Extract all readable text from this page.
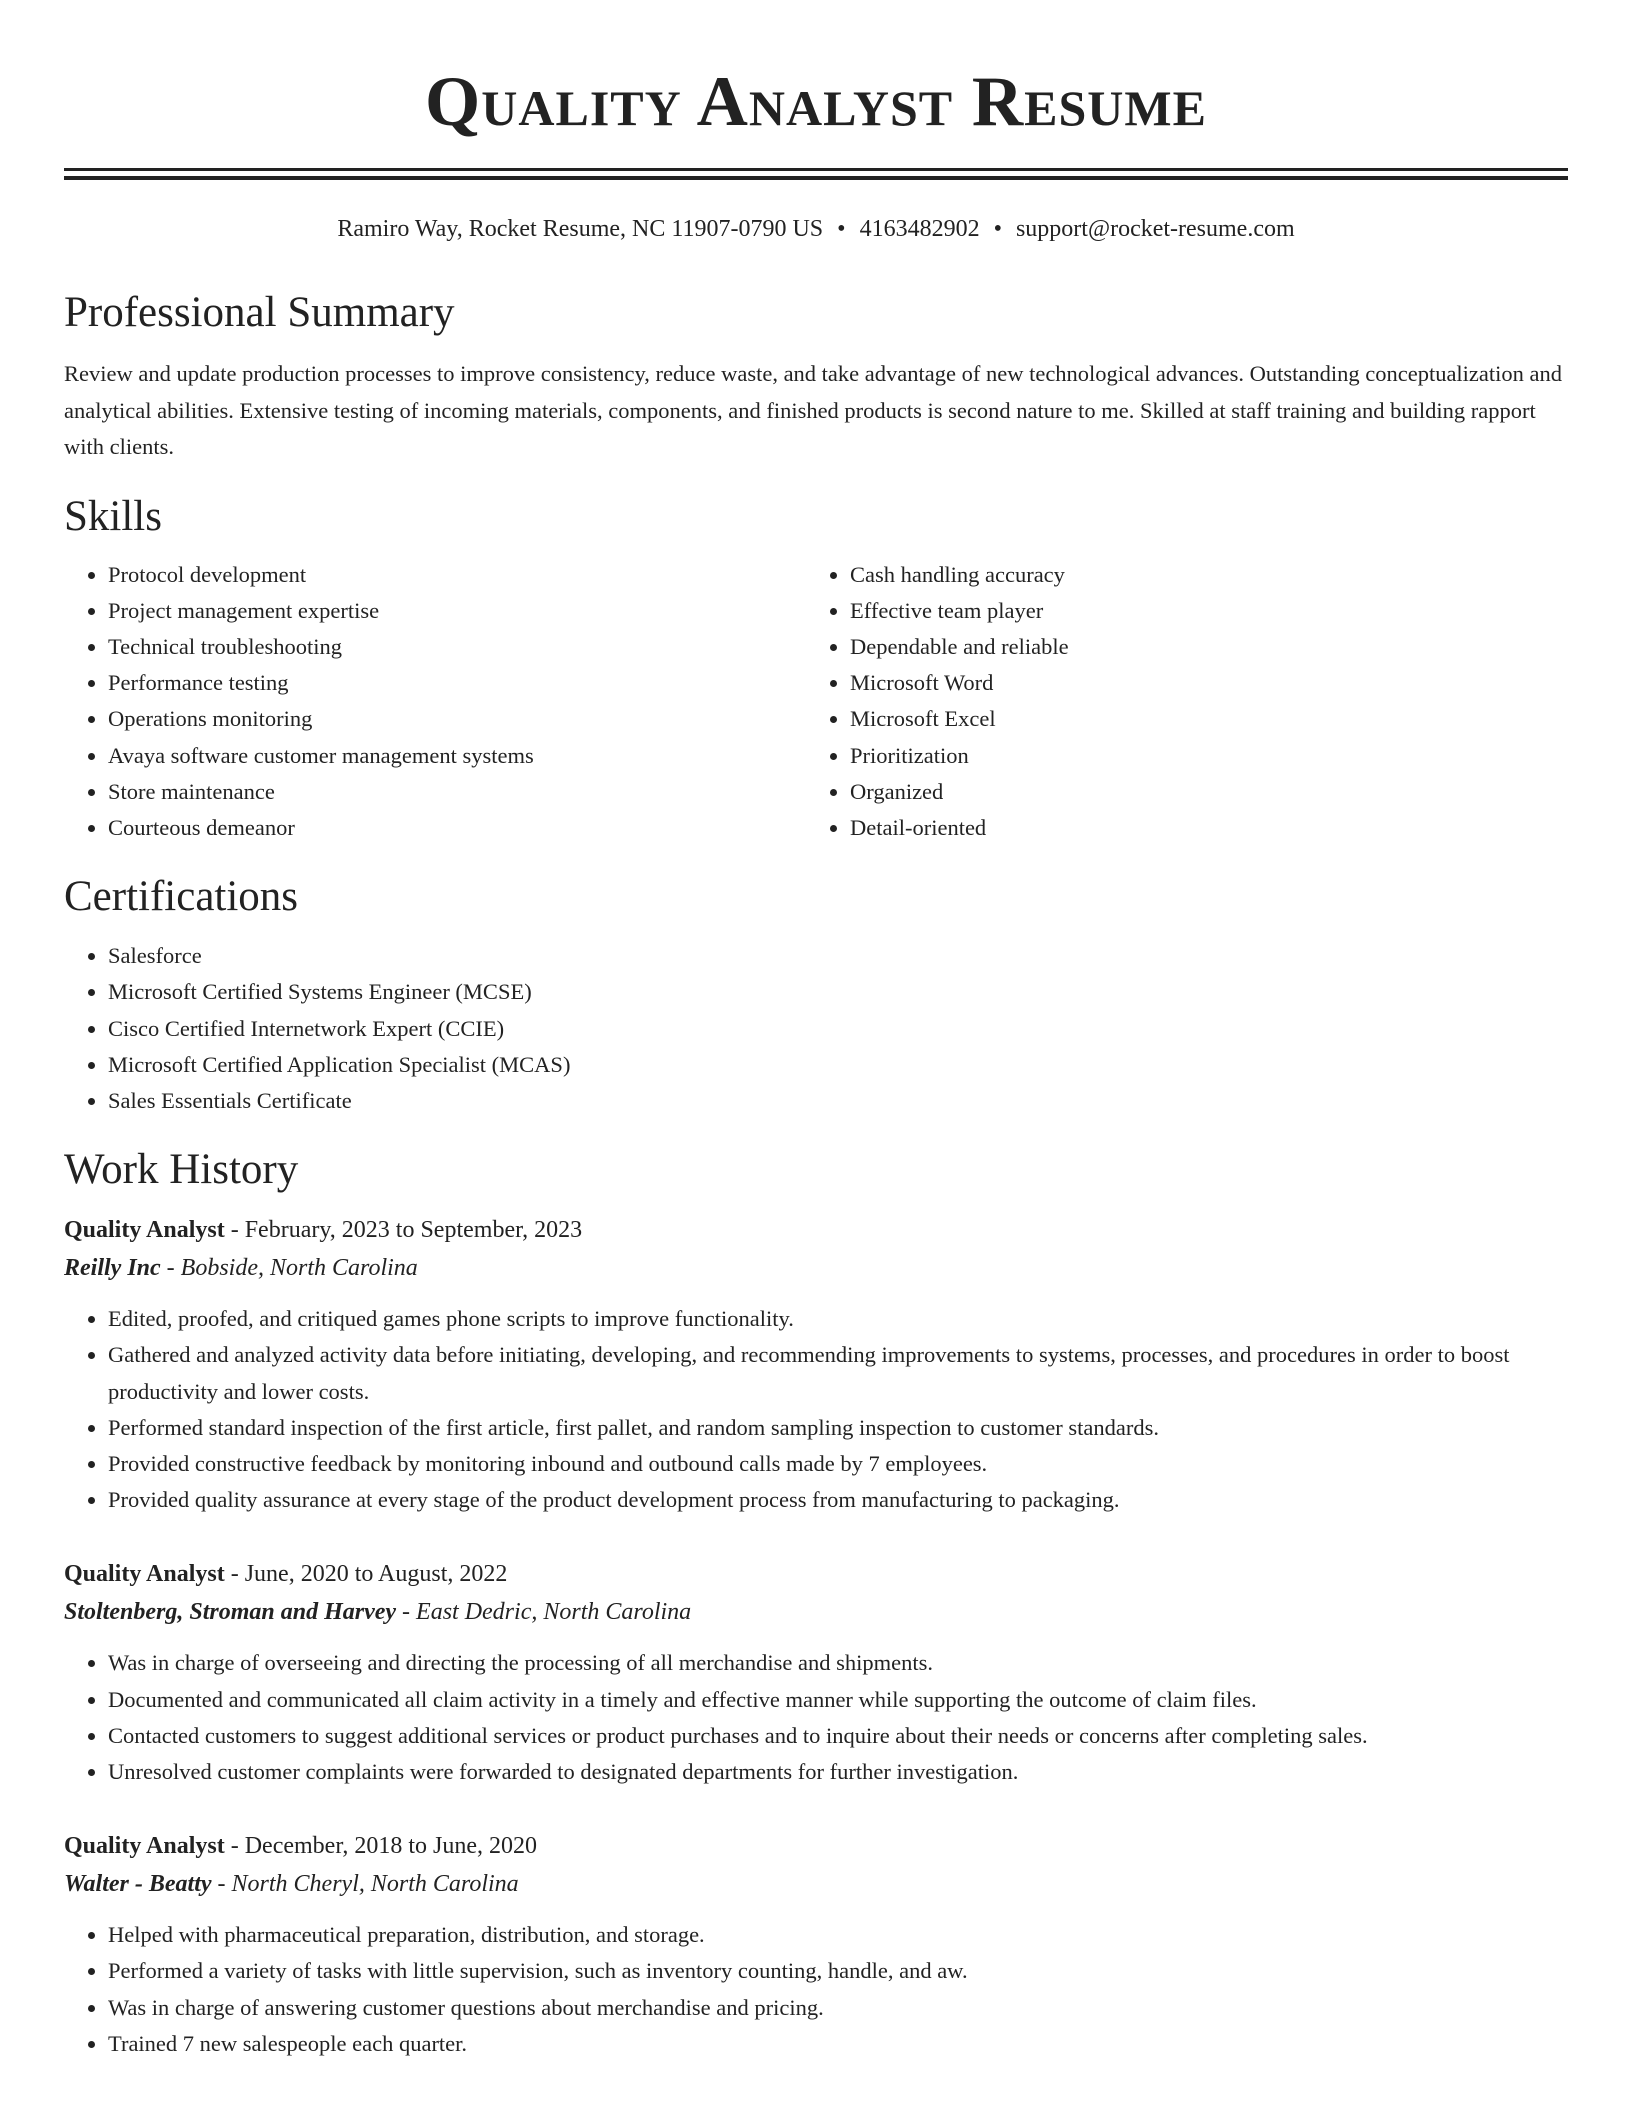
Quality Analyst Resume
Ramiro Way, Rocket Resume, NC 11907-0790 US • 4163482902 • support@rocket-resume.com
Professional Summary

Review and update production processes to improve consistency, reduce waste, and take advantage of new technological advances. Outstanding conceptualization and analytical abilities. Extensive testing of incoming materials, components, and finished products is second nature to me. Skilled at staff training and building rapport with clients.

Skills
• Protocol development
• Project management expertise
• Technical troubleshooting
• Performance testing
• Operations monitoring
• Avaya software customer management systems
• Store maintenance
• Courteous demeanor
• Cash handling accuracy
• Effective team player
• Dependable and reliable
• Microsoft Word
• Microsoft Excel
• Prioritization
• Organized
• Detail-oriented
Certifications
• Salesforce
• Microsoft Certified Systems Engineer (MCSE)
• Cisco Certified Internetwork Expert (CCIE)
• Microsoft Certified Application Specialist (MCAS)
• Sales Essentials Certificate
Work History
Quality Analyst - February, 2023 to September, 2023
Reilly Inc - Bobside, North Carolina
• Edited, proofed, and critiqued games phone scripts to improve functionality.
• Gathered and analyzed activity data before initiating, developing, and recommending improvements to systems, processes, and procedures in order to boost productivity and lower costs.
• Performed standard inspection of the first article, first pallet, and random sampling inspection to customer standards.
• Provided constructive feedback by monitoring inbound and outbound calls made by 7 employees.
• Provided quality assurance at every stage of the product development process from manufacturing to packaging.
Quality Analyst - June, 2020 to August, 2022
Stoltenberg, Stroman and Harvey - East Dedric, North Carolina
• Was in charge of overseeing and directing the processing of all merchandise and shipments.
• Documented and communicated all claim activity in a timely and effective manner while supporting the outcome of claim files.
• Contacted customers to suggest additional services or product purchases and to inquire about their needs or concerns after completing sales.
• Unresolved customer complaints were forwarded to designated departments for further investigation.
Quality Analyst - December, 2018 to June, 2020
Walter - Beatty - North Cheryl, North Carolina
• Helped with pharmaceutical preparation, distribution, and storage.
• Performed a variety of tasks with little supervision, such as inventory counting, handle, and aw.
• Was in charge of answering customer questions about merchandise and pricing.
• Trained 7 new salespeople each quarter.
